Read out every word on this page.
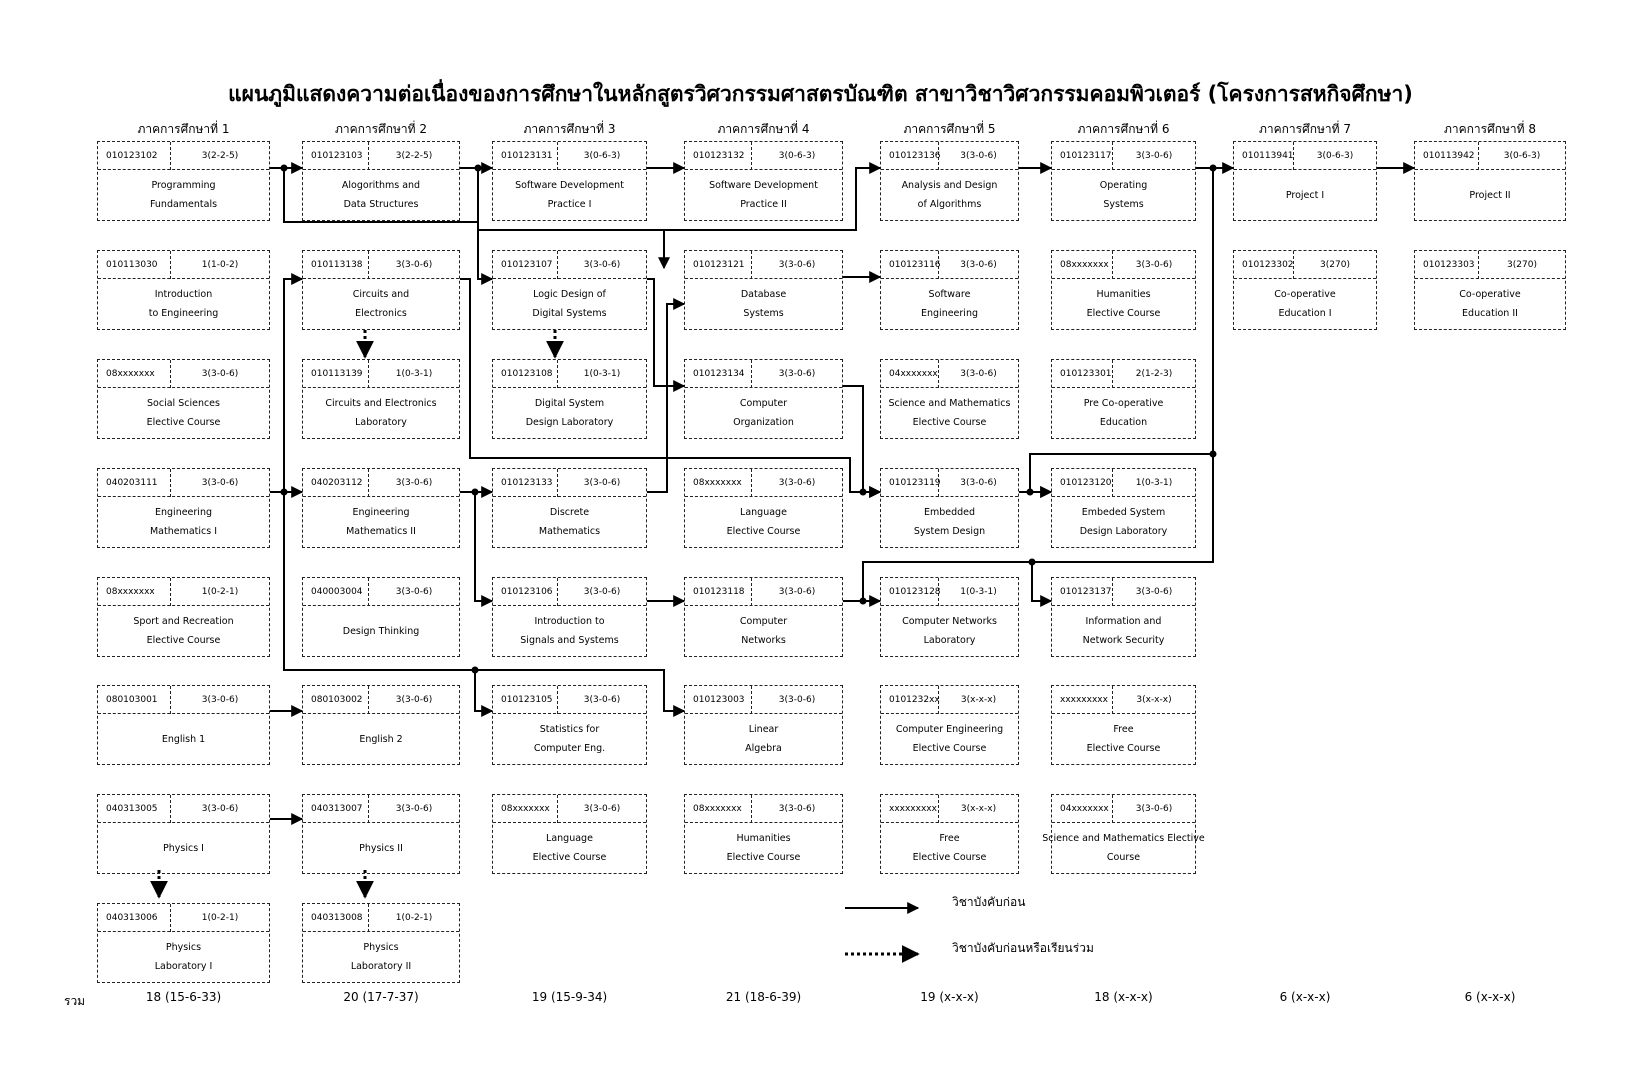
แผนภูมิแสดงความต่อเนื่องของการศึกษาในหลักสูตรวิศวกรรมศาสตรบัณฑิต สาขาวิชาวิศวกรรมคอมพิวเตอร์ (โครงการสหกิจศึกษา)
ภาคการศึกษาที่ 1	ภาคการศึกษาที่ 2	ภาคการศึกษาที่ 3	ภาคการศึกษาที่ 4	ภาคการศึกษาที่ 5	ภาคการศึกษาที่ 6	ภาคการศึกษาที่ 7	ภาคการศึกษาที่ 8
010123102	3(2-2-5)
Programming
Fundamentals
010113030	1(1-0-2)
Introduction
to Engineering
08xxxxxxx	3(3-0-6)
Social Sciences
Elective Course
040203111	3(3-0-6)
Engineering
Mathematics I
08xxxxxxx	1(0-2-1)
Sport and Recreation
Elective Course
080103001	3(3-0-6)
English 1
040313005	3(3-0-6)
Physics I
040313006	1(0-2-1)
Physics
Laboratory I
010123103	3(2-2-5)
Alogorithms and
Data Structures
010113138	3(3-0-6)
Circuits and
Electronics
010113139	1(0-3-1)
Circuits and Electronics
Laboratory
040203112	3(3-0-6)
Engineering
Mathematics II
040003004	3(3-0-6)
Design Thinking
080103002	3(3-0-6)
English 2
040313007	3(3-0-6)
Physics II
040313008	1(0-2-1)
Physics
Laboratory II
010123131	3(0-6-3)
Software Development
Practice I
010123107	3(3-0-6)
Logic Design of
Digital Systems
010123108	1(0-3-1)
Digital System
Design Laboratory
010123133	3(3-0-6)
Discrete
Mathematics
010123106	3(3-0-6)
Introduction to
Signals and Systems
010123105	3(3-0-6)
Statistics for
Computer Eng.
08xxxxxxx	3(3-0-6)
Language
Elective Course
010123132	3(0-6-3)
Software Development
Practice II
010123121	3(3-0-6)
Database
Systems
010123134	3(3-0-6)
Computer
Organization
08xxxxxxx	3(3-0-6)
Language
Elective Course
010123118	3(3-0-6)
Computer
Networks
010123003	3(3-0-6)
Linear
Algebra
08xxxxxxx	3(3-0-6)
Humanities
Elective Course
010123136	3(3-0-6)
Analysis and Design
of Algorithms
010123116	3(3-0-6)
Software
Engineering
04xxxxxxx	3(3-0-6)
Science and Mathematics
Elective Course
010123119	3(3-0-6)
Embedded
System Design
010123128	1(0-3-1)
Computer Networks
Laboratory
0101232xx	3(x-x-x)
Computer Engineering
Elective Course
xxxxxxxxx	3(x-x-x)
Free
Elective Course
010123117	3(3-0-6)
Operating
Systems
08xxxxxxx	3(3-0-6)
Humanities
Elective Course
010123301	2(1-2-3)
Pre Co-operative
Education
010123120	1(0-3-1)
Embeded System
Design Laboratory
010123137	3(3-0-6)
Information and
Network Security
xxxxxxxxx	3(x-x-x)
Free
Elective Course
04xxxxxxx	3(3-0-6)
Science and Mathematics Elective
Course
010113941	3(0-6-3)
Project I
010123302	3(270)
Co-operative
Education I
010113942	3(0-6-3)
Project II
010123303	3(270)
Co-operative
Education II
วิชาบังคับก่อน
วิชาบังคับก่อนหรือเรียนร่วม
รวม	18 (15-6-33)	20 (17-7-37)	19 (15-9-34)	21 (18-6-39)	19 (x-x-x)	18 (x-x-x)	6 (x-x-x)	6 (x-x-x)
